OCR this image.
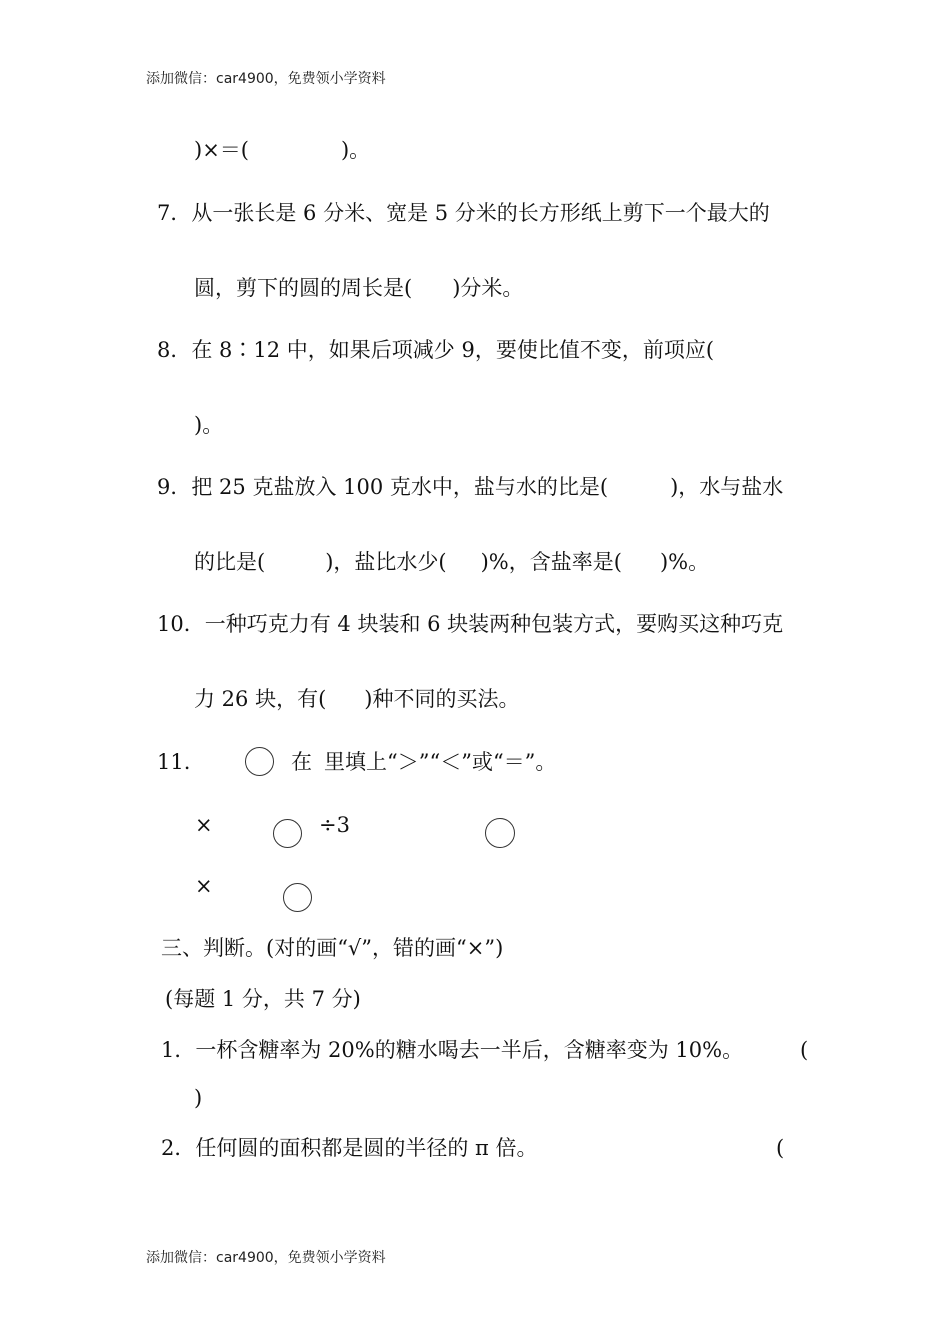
添加微信：car4900，免费领小学资料
)×＝(	)。
7．从一张长是 6 分米、宽是 5 分米的长方形纸上剪下一个最大的
圆，剪下的圆的周长是( )分米。
8．在 8∶12 中，如果后项减少 9，要使比值不变，前项应(
)。
9．把 25 克盐放入 100 克水中，盐与水的比是(	)，水与盐水
的比是(	)，盐比水少( )%，含盐率是( )%。
10．一种巧克力有 4 块装和 6 块装两种包装方式，要购买这种巧克
力 26 块，有( )种不同的买法。
11.	在 里填上“＞”“＜”或“＝”。
×	÷3
×
三、判断。(对的画“√”，错的画“×”)
(每题 1 分，共 7 分)
1．一杯含糖率为 20%的糖水喝去一半后，含糖率变为 10%。	(
)
2．任何圆的面积都是圆的半径的 π 倍。	(
添加微信：car4900，免费领小学资料
